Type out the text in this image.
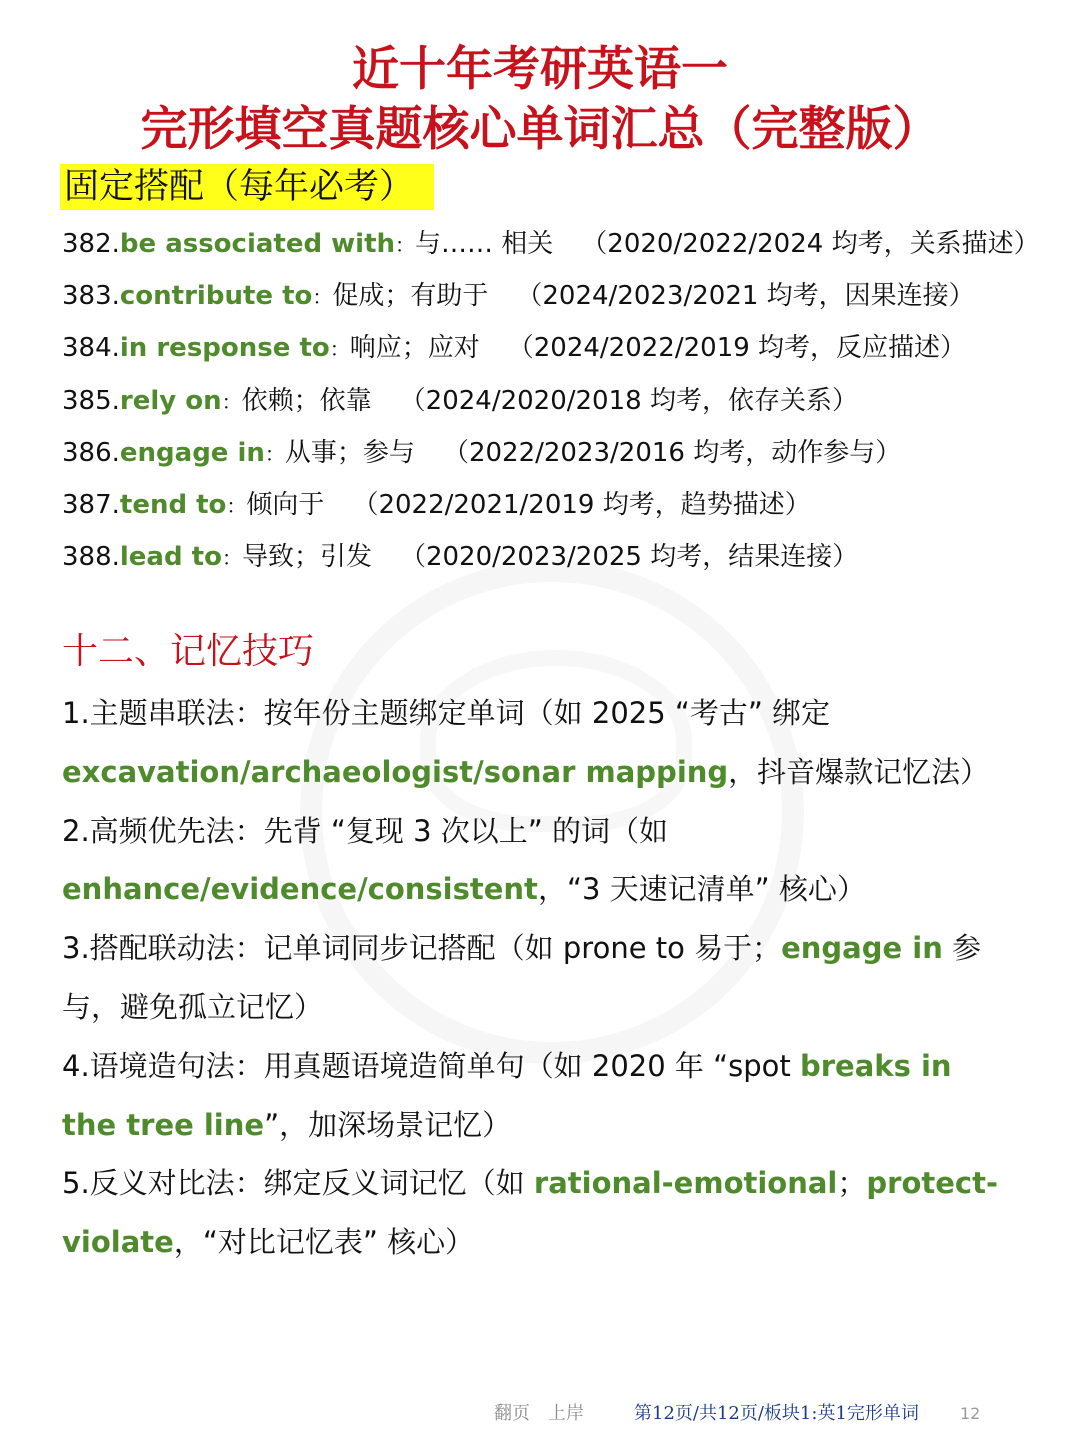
近十年考研英语一
完形填空真题核心单词汇总（完整版）
固定搭配（每年必考）
382.be associated with：与…… 相关 （2020/2022/2024 均考，关系描述）
383.contribute to：促成；有助于 （2024/2023/2021 均考，因果连接）
384.in response to：响应；应对 （2024/2022/2019 均考，反应描述）
385.rely on：依赖；依靠 （2024/2020/2018 均考，依存关系）
386.engage in：从事；参与 （2022/2023/2016 均考，动作参与）
387.tend to：倾向于 （2022/2021/2019 均考，趋势描述）
388.lead to：导致；引发 （2020/2023/2025 均考，结果连接）
十二、记忆技巧
1.主题串联法：按年份主题绑定单词（如 2025 “考古” 绑定
excavation/archaeologist/sonar mapping，抖音爆款记忆法）
2.高频优先法：先背 “复现 3 次以上” 的词（如
enhance/evidence/consistent，“3 天速记清单” 核心）
3.搭配联动法：记单词同步记搭配（如 prone to 易于；engage in 参
与，避免孤立记忆）
4.语境造句法：用真题语境造简单句（如 2020 年 “spot breaks in
the tree line”，加深场景记忆）
5.反义对比法：绑定反义词记忆（如 rational-emotional；protect-
violate，“对比记忆表” 核心）
翻页 上岸	第12页/共12页/板块1:英1完形单词	12
